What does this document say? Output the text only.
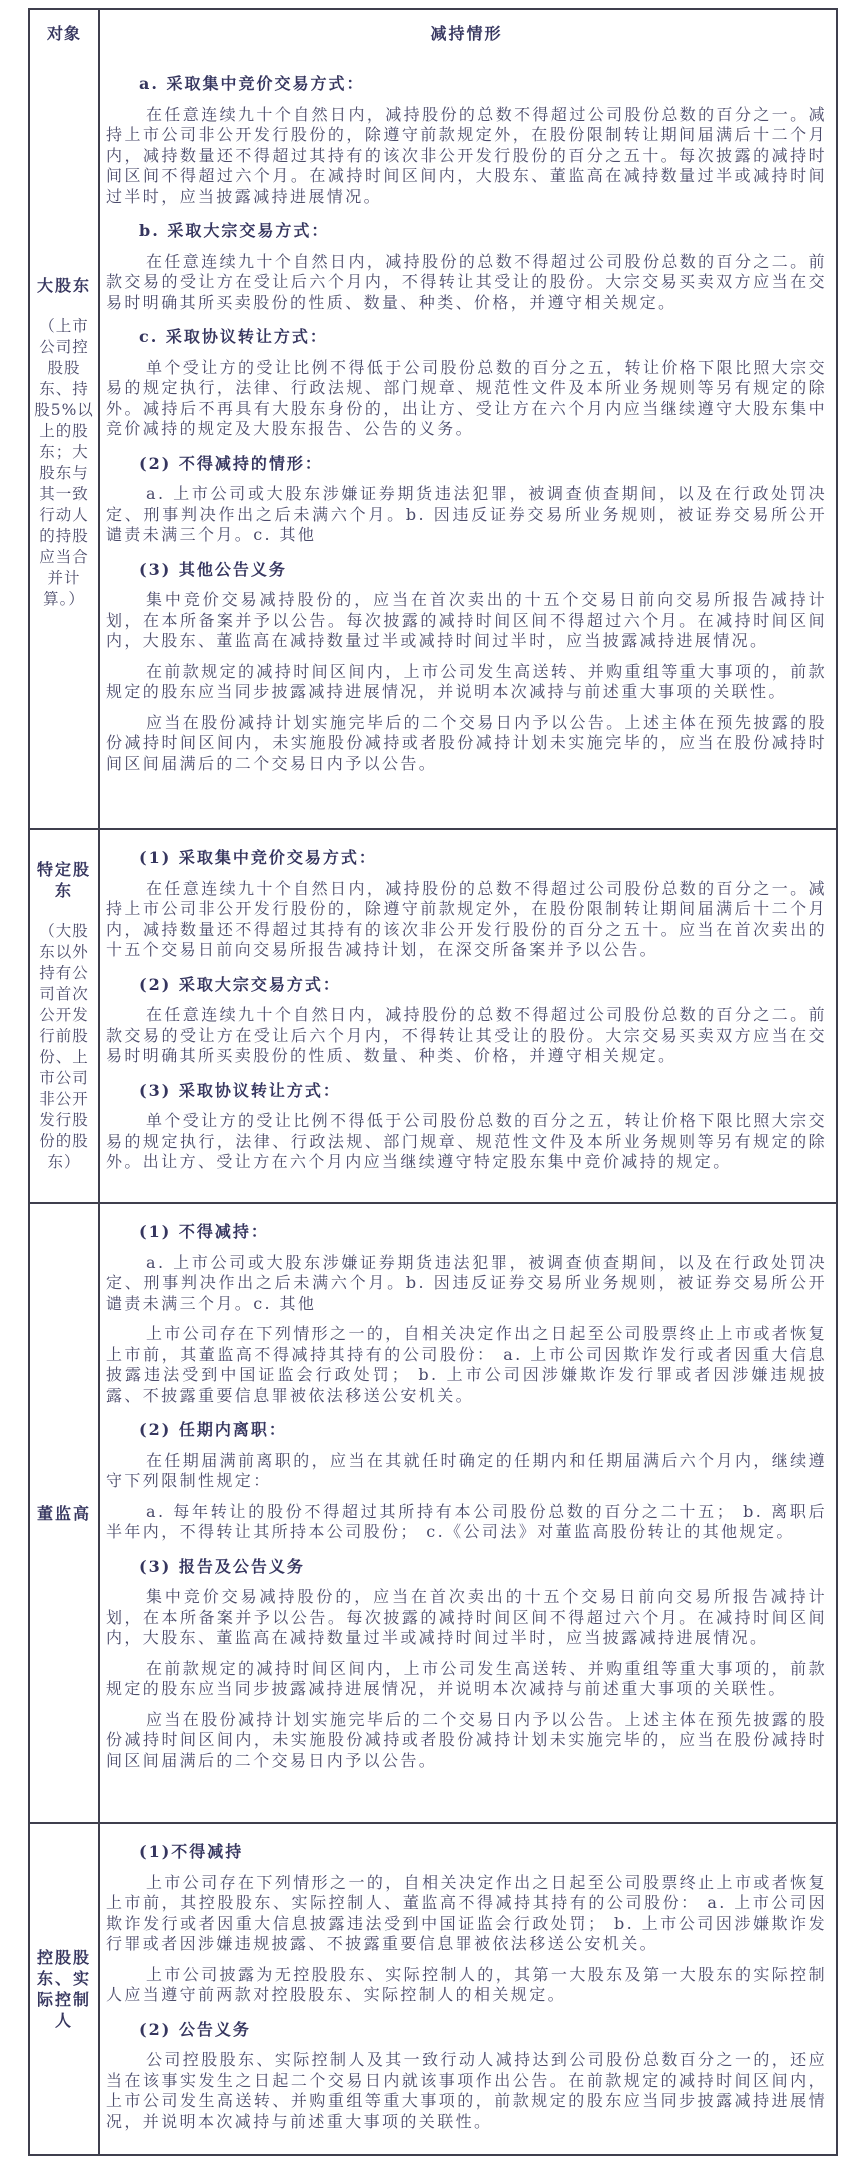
对象	减持情形
大股东
（上市公司控股股东、持股5%以上的股东；大股东与其一致行动人的持股应当合并计算。）

a. 采取集中竞价交易方式：

在任意连续九十个自然日内，减持股份的总数不得超过公司股份总数的百分之一。减持上市公司非公开发行股份的，除遵守前款规定外，在股份限制转让期间届满后十二个月内，减持数量还不得超过其持有的该次非公开发行股份的百分之五十。每次披露的减持时间区间不得超过六个月。在减持时间区间内，大股东、董监高在减持数量过半或减持时间过半时，应当披露减持进展情况。

b. 采取大宗交易方式：

在任意连续九十个自然日内，减持股份的总数不得超过公司股份总数的百分之二。前款交易的受让方在受让后六个月内，不得转让其受让的股份。大宗交易买卖双方应当在交易时明确其所买卖股份的性质、数量、种类、价格，并遵守相关规定。

c. 采取协议转让方式：

单个受让方的受让比例不得低于公司股份总数的百分之五，转让价格下限比照大宗交易的规定执行，法律、行政法规、部门规章、规范性文件及本所业务规则等另有规定的除外。减持后不再具有大股东身份的，出让方、受让方在六个月内应当继续遵守大股东集中竞价减持的规定及大股东报告、公告的义务。

(2) 不得减持的情形：

a. 上市公司或大股东涉嫌证券期货违法犯罪，被调查侦查期间，以及在行政处罚决定、刑事判决作出之后未满六个月。b. 因违反证券交易所业务规则，被证券交易所公开谴责未满三个月。c. 其他

(3) 其他公告义务

集中竞价交易减持股份的，应当在首次卖出的十五个交易日前向交易所报告减持计划，在本所备案并予以公告。每次披露的减持时间区间不得超过六个月。在减持时间区间内，大股东、董监高在减持数量过半或减持时间过半时，应当披露减持进展情况。

在前款规定的减持时间区间内，上市公司发生高送转、并购重组等重大事项的，前款规定的股东应当同步披露减持进展情况，并说明本次减持与前述重大事项的关联性。

应当在股份减持计划实施完毕后的二个交易日内予以公告。上述主体在预先披露的股份减持时间区间内，未实施股份减持或者股份减持计划未实施完毕的，应当在股份减持时间区间届满后的二个交易日内予以公告。

特定股东
（大股东以外持有公司首次公开发行前股份、上市公司非公开发行股份的股东）

(1) 采取集中竞价交易方式：

在任意连续九十个自然日内，减持股份的总数不得超过公司股份总数的百分之一。减持上市公司非公开发行股份的，除遵守前款规定外，在股份限制转让期间届满后十二个月内，减持数量还不得超过其持有的该次非公开发行股份的百分之五十。应当在首次卖出的十五个交易日前向交易所报告减持计划，在深交所备案并予以公告。

(2) 采取大宗交易方式：

在任意连续九十个自然日内，减持股份的总数不得超过公司股份总数的百分之二。前款交易的受让方在受让后六个月内，不得转让其受让的股份。大宗交易买卖双方应当在交易时明确其所买卖股份的性质、数量、种类、价格，并遵守相关规定。

(3) 采取协议转让方式：

单个受让方的受让比例不得低于公司股份总数的百分之五，转让价格下限比照大宗交易的规定执行，法律、行政法规、部门规章、规范性文件及本所业务规则等另有规定的除外。出让方、受让方在六个月内应当继续遵守特定股东集中竞价减持的规定。

董监高

(1) 不得减持：

a. 上市公司或大股东涉嫌证券期货违法犯罪，被调查侦查期间，以及在行政处罚决定、刑事判决作出之后未满六个月。b. 因违反证券交易所业务规则，被证券交易所公开谴责未满三个月。c. 其他

上市公司存在下列情形之一的，自相关决定作出之日起至公司股票终止上市或者恢复上市前，其董监高不得减持其持有的公司股份： a. 上市公司因欺诈发行或者因重大信息披露违法受到中国证监会行政处罚； b. 上市公司因涉嫌欺诈发行罪或者因涉嫌违规披露、不披露重要信息罪被依法移送公安机关。

(2) 任期内离职：

在任期届满前离职的，应当在其就任时确定的任期内和任期届满后六个月内，继续遵守下列限制性规定：

a. 每年转让的股份不得超过其所持有本公司股份总数的百分之二十五； b. 离职后半年内，不得转让其所持本公司股份； c.《公司法》对董监高股份转让的其他规定。

(3) 报告及公告义务

集中竞价交易减持股份的，应当在首次卖出的十五个交易日前向交易所报告减持计划，在本所备案并予以公告。每次披露的减持时间区间不得超过六个月。在减持时间区间内，大股东、董监高在减持数量过半或减持时间过半时，应当披露减持进展情况。

在前款规定的减持时间区间内，上市公司发生高送转、并购重组等重大事项的，前款规定的股东应当同步披露减持进展情况，并说明本次减持与前述重大事项的关联性。

应当在股份减持计划实施完毕后的二个交易日内予以公告。上述主体在预先披露的股份减持时间区间内，未实施股份减持或者股份减持计划未实施完毕的，应当在股份减持时间区间届满后的二个交易日内予以公告。

控股股东、实际控制人

(1)不得减持

上市公司存在下列情形之一的，自相关决定作出之日起至公司股票终止上市或者恢复上市前，其控股股东、实际控制人、董监高不得减持其持有的公司股份： a. 上市公司因欺诈发行或者因重大信息披露违法受到中国证监会行政处罚； b. 上市公司因涉嫌欺诈发行罪或者因涉嫌违规披露、不披露重要信息罪被依法移送公安机关。

上市公司披露为无控股股东、实际控制人的，其第一大股东及第一大股东的实际控制人应当遵守前两款对控股股东、实际控制人的相关规定。

(2) 公告义务

公司控股股东、实际控制人及其一致行动人减持达到公司股份总数百分之一的，还应当在该事实发生之日起二个交易日内就该事项作出公告。在前款规定的减持时间区间内，上市公司发生高送转、并购重组等重大事项的，前款规定的股东应当同步披露减持进展情况，并说明本次减持与前述重大事项的关联性。
